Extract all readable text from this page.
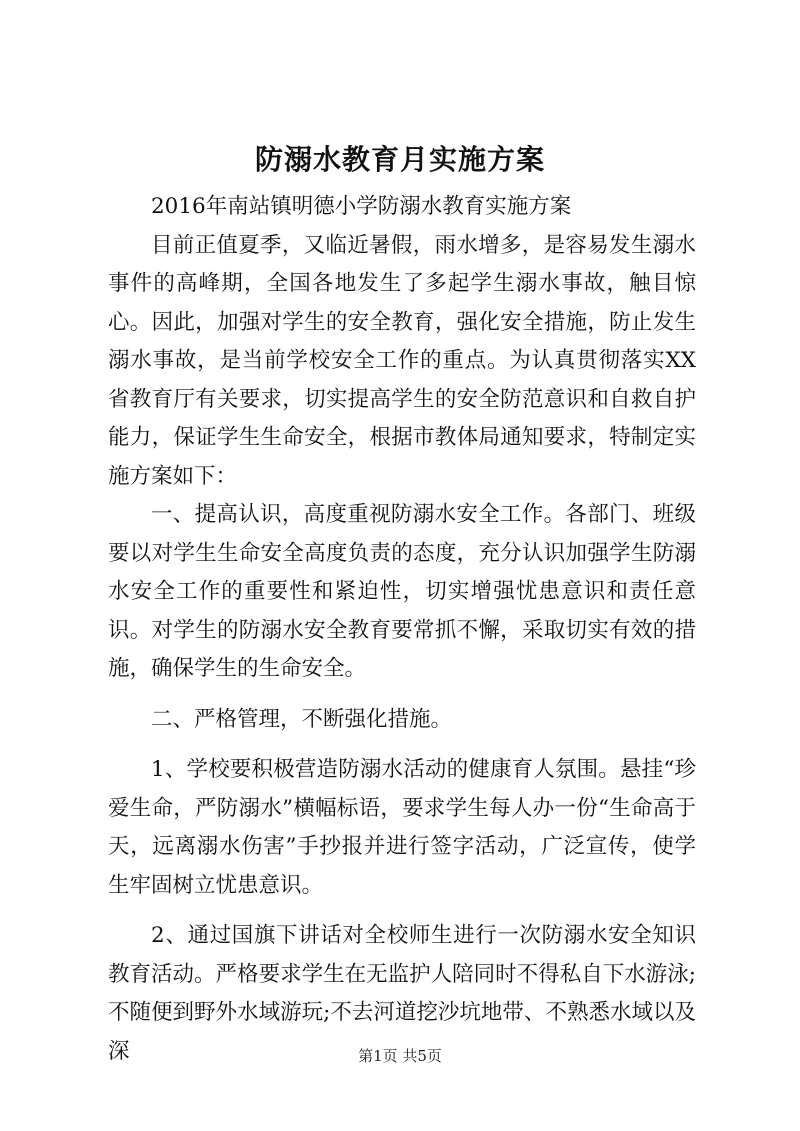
防溺水教育月实施方案

2016年南站镇明德小学防溺水教育实施方案

目前正值夏季，又临近暑假，雨水增多，是容易发生溺水事件的高峰期，全国各地发生了多起学生溺水事故，触目惊心。因此，加强对学生的安全教育，强化安全措施，防止发生溺水事故，是当前学校安全工作的重点。为认真贯彻落实XX省教育厅有关要求，切实提高学生的安全防范意识和自救自护能力，保证学生生命安全，根据市教体局通知要求，特制定实施方案如下：

一、提高认识，高度重视防溺水安全工作。各部门、班级要以对学生生命安全高度负责的态度，充分认识加强学生防溺水安全工作的重要性和紧迫性，切实增强忧患意识和责任意识。对学生的防溺水安全教育要常抓不懈，采取切实有效的措施，确保学生的生命安全。

二、严格管理，不断强化措施。

1、学校要积极营造防溺水活动的健康育人氛围。悬挂“珍爱生命，严防溺水”横幅标语，要求学生每人办一份“生命高于天，远离溺水伤害”手抄报并进行签字活动，广泛宣传，使学生牢固树立忧患意识。

2、通过国旗下讲话对全校师生进行一次防溺水安全知识教育活动。严格要求学生在无监护人陪同时不得私自下水游泳;不随便到野外水域游玩;不去河道挖沙坑地带、不熟悉水域以及深	第1页 共5页
